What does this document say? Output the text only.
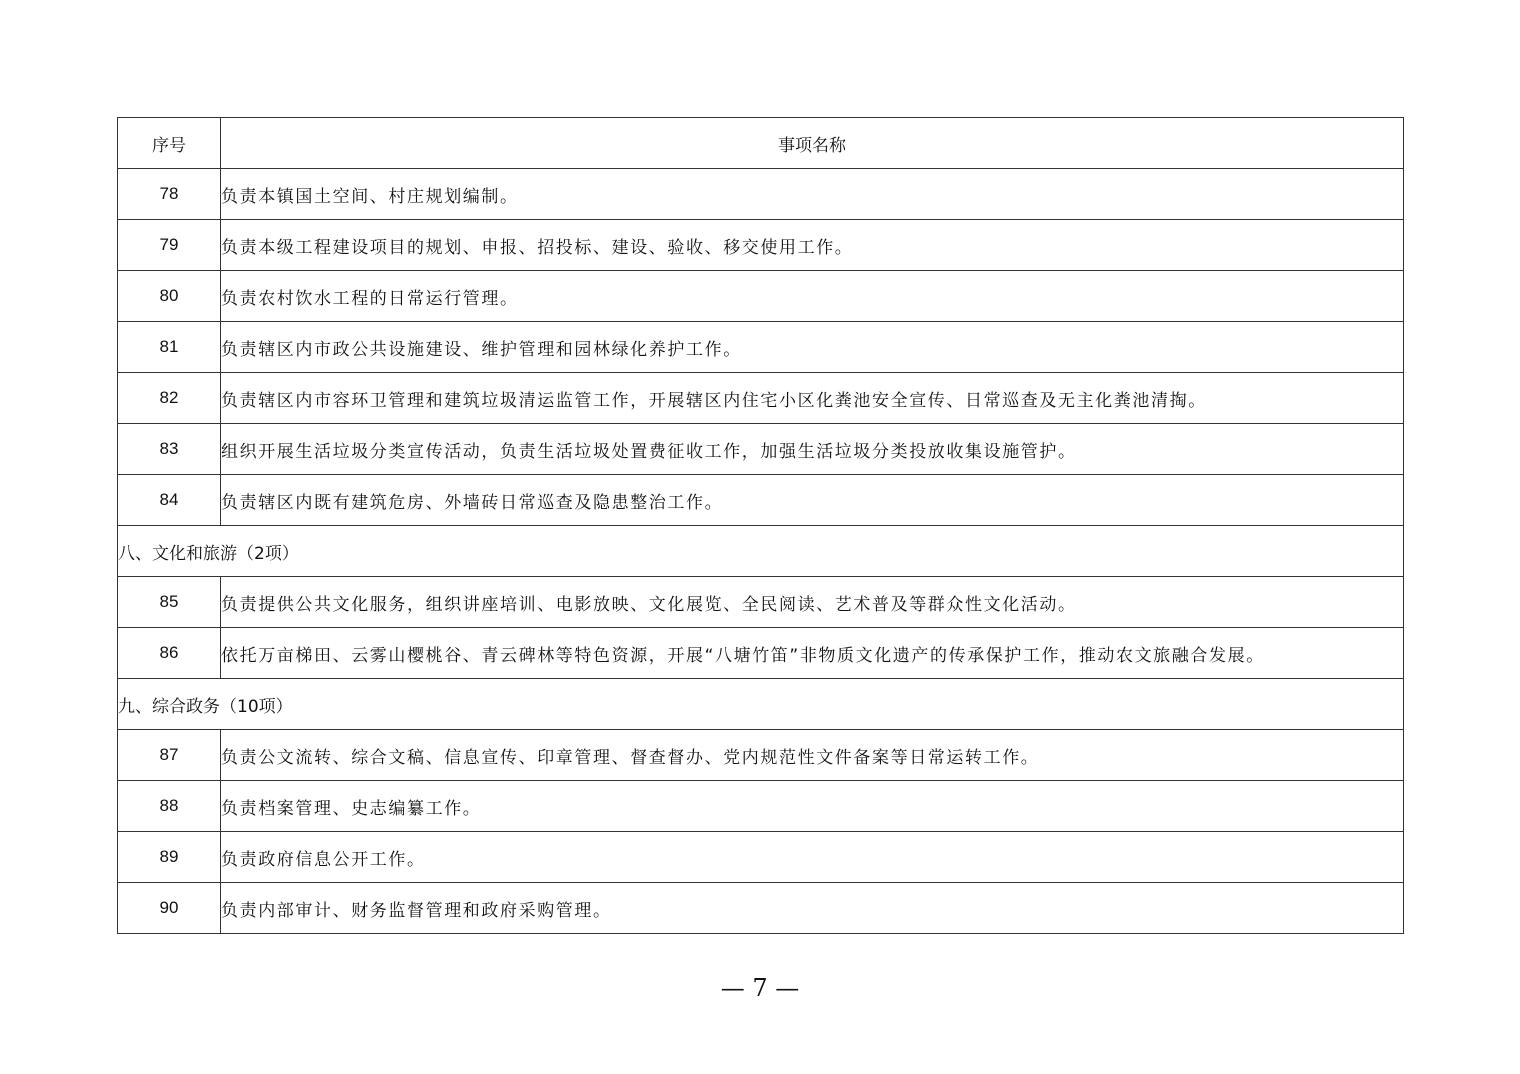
序号	事项名称
78	负责本镇国土空间、村庄规划编制。
79	负责本级工程建设项目的规划、申报、招投标、建设、验收、移交使用工作。
80	负责农村饮水工程的日常运行管理。
81	负责辖区内市政公共设施建设、维护管理和园林绿化养护工作。
82	负责辖区内市容环卫管理和建筑垃圾清运监管工作，开展辖区内住宅小区化粪池安全宣传、日常巡查及无主化粪池清掏。
83	组织开展生活垃圾分类宣传活动，负责生活垃圾处置费征收工作，加强生活垃圾分类投放收集设施管护。
84	负责辖区内既有建筑危房、外墙砖日常巡查及隐患整治工作。
八、文化和旅游（2项）	
85	负责提供公共文化服务，组织讲座培训、电影放映、文化展览、全民阅读、艺术普及等群众性文化活动。
86	依托万亩梯田、云雾山樱桃谷、青云碑林等特色资源，开展“八塘竹笛”非物质文化遗产的传承保护工作，推动农文旅融合发展。
九、综合政务（10项）	
87	负责公文流转、综合文稿、信息宣传、印章管理、督查督办、党内规范性文件备案等日常运转工作。
88	负责档案管理、史志编纂工作。
89	负责政府信息公开工作。
90	负责内部审计、财务监督管理和政府采购管理。
— 7 —
